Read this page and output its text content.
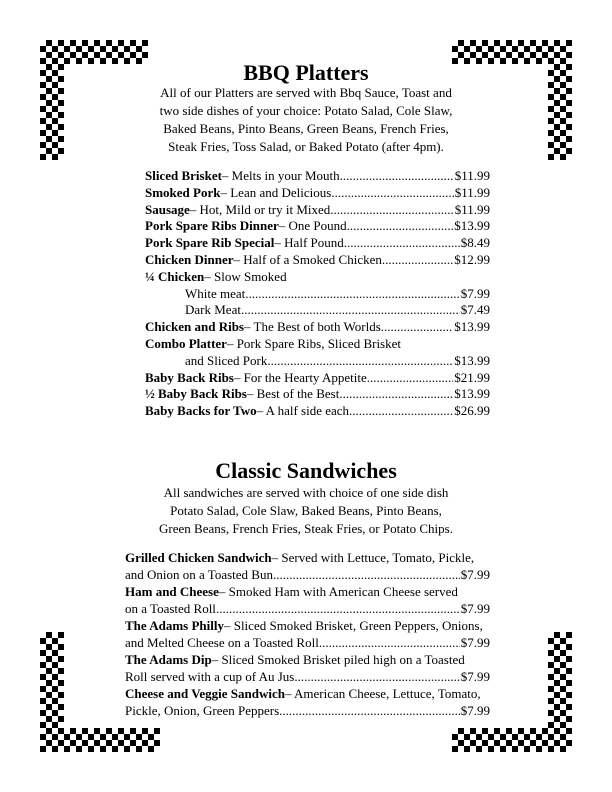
BBQ Platters
All of our Platters are served with Bbq Sauce, Toast and
two side dishes of your choice: Potato Salad, Cole Slaw,
Baked Beans, Pinto Beans, Green Beans, French Fries,
Steak Fries, Toss Salad, or Baked Potato (after 4pm).
Sliced Brisket – Melts in your Mouth .....	$11.99
Smoked Pork – Lean and Delicious .....	$11.99
Sausage – Hot, Mild or try it Mixed .....	$11.99
Pork Spare Ribs Dinner – One Pound .....	$13.99
Pork Spare Rib Special – Half Pound .....	$8.49
Chicken Dinner – Half of a Smoked Chicken .....	$12.99
¼ Chicken – Slow Smoked
White meat .....	$7.99
Dark Meat .....	$7.49
Chicken and Ribs – The Best of both Worlds .....	$13.99
Combo Platter – Pork Spare Ribs, Sliced Brisket
and Sliced Pork .....	$13.99
Baby Back Ribs – For the Hearty Appetite .....	$21.99
½ Baby Back Ribs – Best of the Best .....	$13.99
Baby Backs for Two – A half side each .....	$26.99
Classic Sandwiches
All sandwiches are served with choice of one side dish
Potato Salad, Cole Slaw, Baked Beans, Pinto Beans,
Green Beans, French Fries, Steak Fries, or Potato Chips.
Grilled Chicken Sandwich – Served with Lettuce, Tomato, Pickle,
and Onion on a Toasted Bun .....	$7.99
Ham and Cheese – Smoked Ham with American Cheese served
on a Toasted Roll .....	$7.99
The Adams Philly – Sliced Smoked Brisket, Green Peppers, Onions,
and Melted Cheese on a Toasted Roll .....	$7.99
The Adams Dip – Sliced Smoked Brisket piled high on a Toasted
Roll served with a cup of Au Jus .....	$7.99
Cheese and Veggie Sandwich – American Cheese, Lettuce, Tomato,
Pickle, Onion, Green Peppers .....	$7.99
